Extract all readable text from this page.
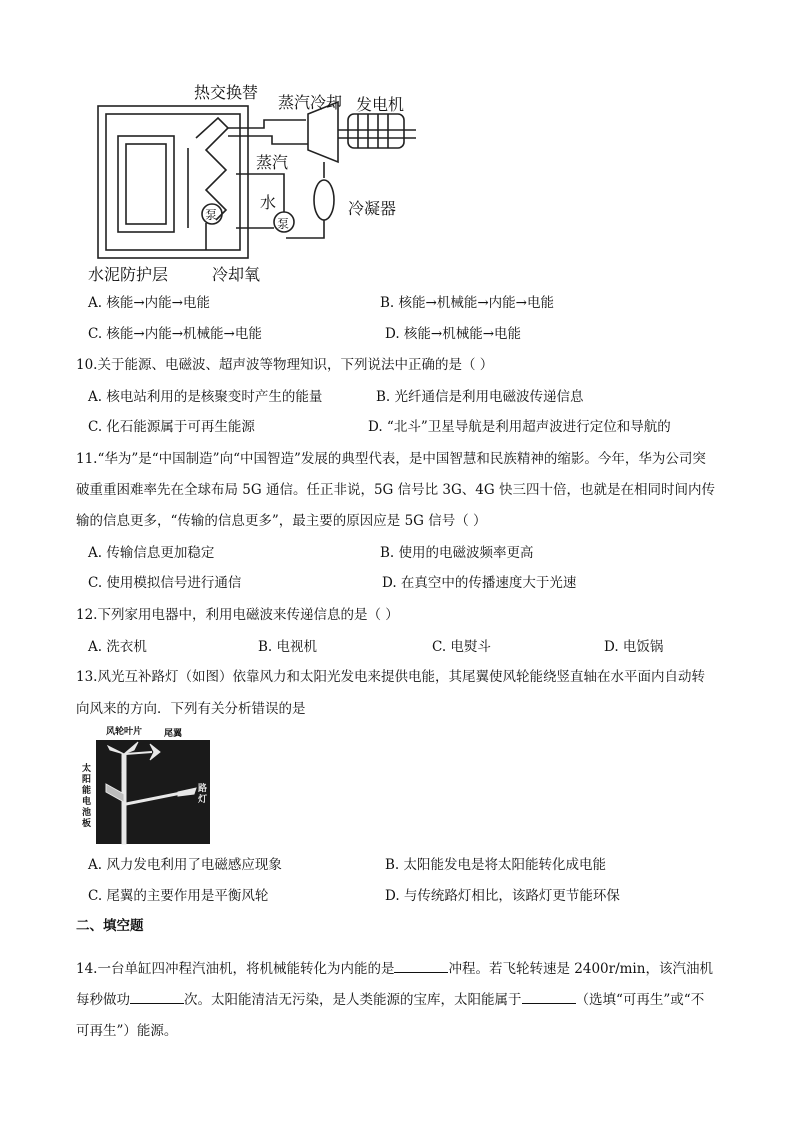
热交换替
蒸汽冷却 发电机
蒸汽
水
泵
泵
冷凝器
水泥防护层	冷却氧
A. 核能→内能→电能	B. 核能→机械能→内能→电能
C. 核能→内能→机械能→电能	D. 核能→机械能→电能
10.关于能源、电磁波、超声波等物理知识，下列说法中正确的是（ ）
A. 核电站利用的是核聚变时产生的能量	B. 光纤通信是利用电磁波传递信息
C. 化石能源属于可再生能源	D. “北斗”卫星导航是利用超声波进行定位和导航的
11.“华为”是“中国制造”向“中国智造”发展的典型代表，是中国智慧和民族精神的缩影。今年，华为公司突
破重重困难率先在全球布局 5G 通信。任正非说，5G 信号比 3G、4G 快三四十倍，也就是在相同时间内传
输的信息更多，“传输的信息更多”，最主要的原因应是 5G 信号（ ）
A. 传输信息更加稳定	B. 使用的电磁波频率更高
C. 使用模拟信号进行通信	D. 在真空中的传播速度大于光速
12.下列家用电器中，利用电磁波来传递信息的是（ ）
A. 洗衣机	B. 电视机	C. 电熨斗	D. 电饭锅
13.风光互补路灯（如图）依靠风力和太阳光发电来提供电能，其尾翼使风轮能绕竖直轴在水平面内自动转
向风来的方向．下列有关分析错误的是
风轮叶片 尾翼
太阳能电池板
路灯
A. 风力发电利用了电磁感应现象	B. 太阳能发电是将太阳能转化成电能
C. 尾翼的主要作用是平衡风轮	D. 与传统路灯相比，该路灯更节能环保
二、填空题
14.一台单缸四冲程汽油机，将机械能转化为内能的是	冲程。若飞轮转速是 2400r/min，该汽油机
每秒做功	次。太阳能清洁无污染，是人类能源的宝库，太阳能属于	（选填“可再生”或“不
可再生”）能源。
